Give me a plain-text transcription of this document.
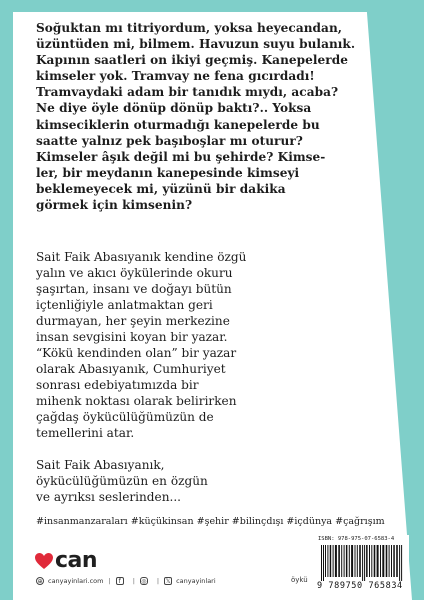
Soğuktan mı titriyordum, yoksa heyecandan,
üzüntüden mi, bilmem. Havuzun suyu bulanık.
Kapının saatleri on ikiyi geçmiş. Kanepelerde
kimseler yok. Tramvay ne fena gıcırdadı!
Tramvaydaki adam bir tanıdık mıydı, acaba?
Ne diye öyle dönüp dönüp baktı?.. Yoksa
kimseciklerin oturmadığı kanepelerde bu
saatte yalnız pek başıboşlar mı oturur?
Kimseler âşık değil mi bu şehirde? Kimse-
ler, bir meydanın kanepesinde kimseyi
beklemeyecek mi, yüzünü bir dakika
görmek için kimsenin?
Sait Faik Abasıyanık kendine özgü
yalın ve akıcı öykülerinde okuru
şaşırtan, insanı ve doğayı bütün
içtenliğiyle anlatmaktan geri
durmayan, her şeyin merkezine
insan sevgisini koyan bir yazar.
“Kökü kendinden olan” bir yazar
olarak Abasıyanık, Cumhuriyet
sonrası edebiyatımızda bir
mihenk noktası olarak belirirken
çağdaş öykücülüğümüzün de
temellerini atar.
Sait Faik Abasıyanık,
öykücülüğümüzün en özgün
ve ayrıksı seslerinden...
#insanmanzaraları #küçükinsan #şehir #bilinçdışı #içdünya #çağrışım
can
⊕ canyayinlari.com |	f	| ◎ | 𝕏 canyayinlari	öykü
ISBN: 978-975-07-6583-4
9 789750 765834
